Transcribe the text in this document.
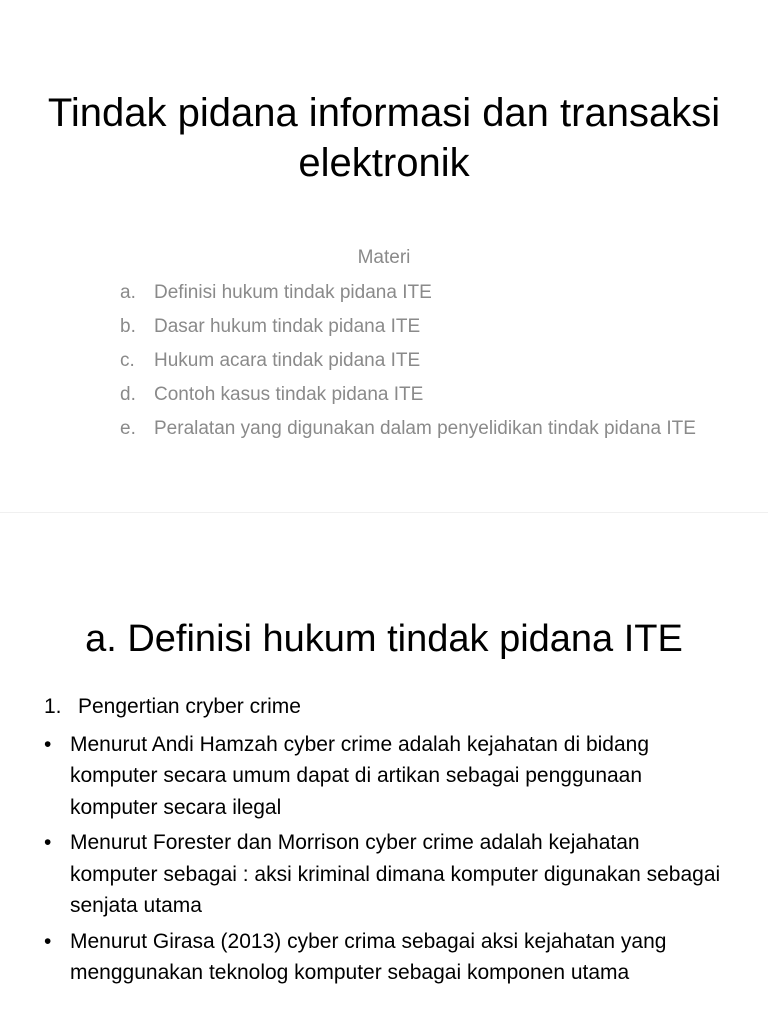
Tindak pidana informasi dan transaksi elektronik
Materi
a. Definisi hukum tindak pidana ITE
b. Dasar hukum tindak pidana ITE
c. Hukum acara tindak pidana ITE
d. Contoh kasus tindak pidana ITE
e. Peralatan yang digunakan dalam penyelidikan tindak pidana ITE
a. Definisi hukum tindak pidana ITE
1. Pengertian cryber crime
• Menurut Andi Hamzah cyber crime adalah kejahatan di bidang komputer secara umum dapat di artikan sebagai penggunaan komputer secara ilegal
• Menurut Forester dan Morrison cyber crime adalah kejahatan komputer sebagai : aksi kriminal dimana komputer digunakan sebagai senjata utama
• Menurut Girasa (2013) cyber crima sebagai aksi kejahatan yang menggunakan teknolog komputer sebagai komponen utama
